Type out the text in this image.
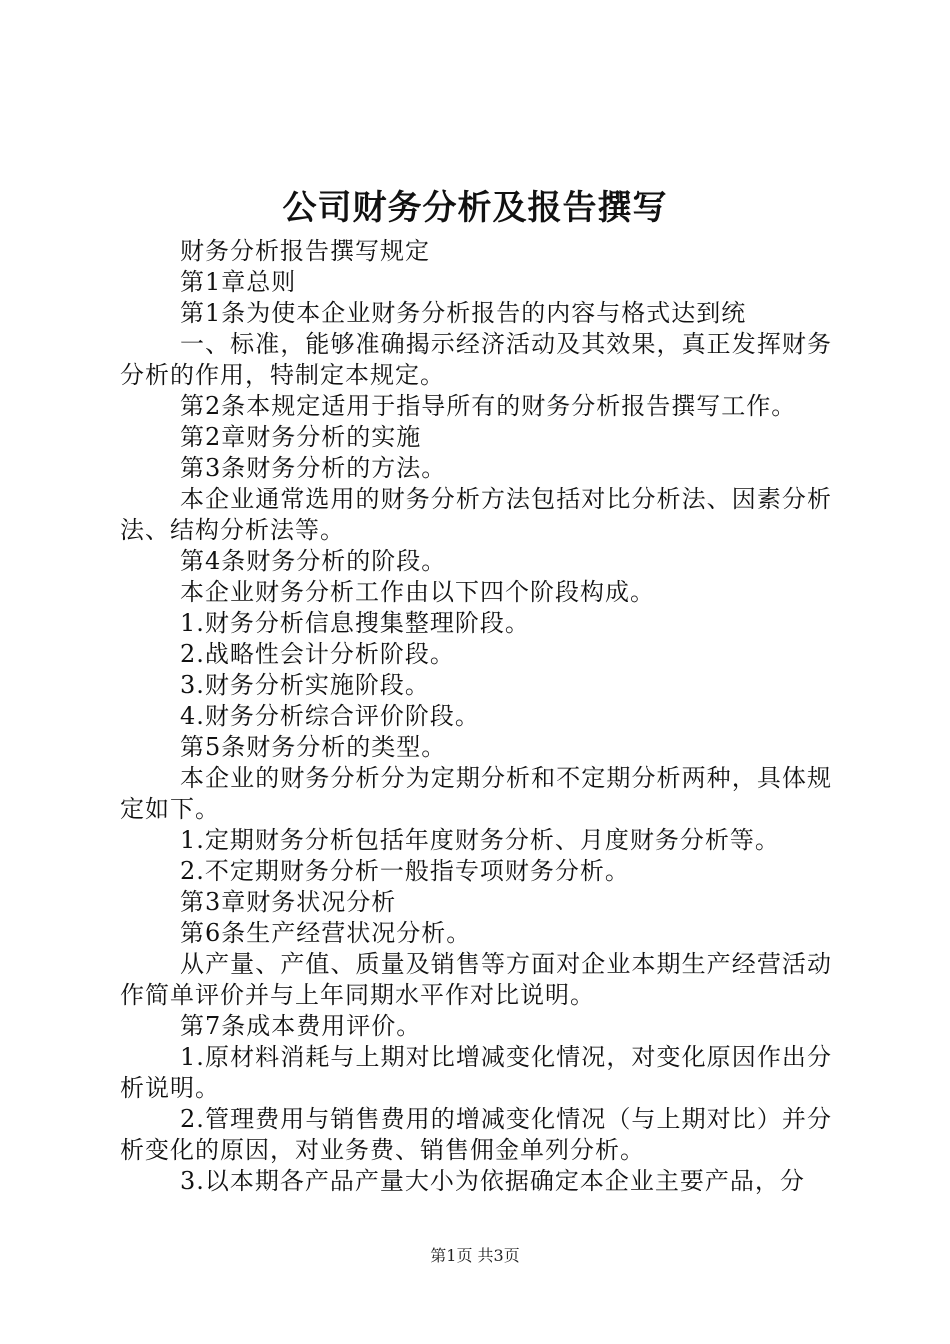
公司财务分析及报告撰写

财务分析报告撰写规定

第1章总则

第1条为使本企业财务分析报告的内容与格式达到统

一、标准，能够准确揭示经济活动及其效果，真正发挥财务分析的作用，特制定本规定。

第2条本规定适用于指导所有的财务分析报告撰写工作。

第2章财务分析的实施

第3条财务分析的方法。

本企业通常选用的财务分析方法包括对比分析法、因素分析法、结构分析法等。

第4条财务分析的阶段。

本企业财务分析工作由以下四个阶段构成。

1.财务分析信息搜集整理阶段。

2.战略性会计分析阶段。

3.财务分析实施阶段。

4.财务分析综合评价阶段。

第5条财务分析的类型。

本企业的财务分析分为定期分析和不定期分析两种，具体规定如下。

1.定期财务分析包括年度财务分析、月度财务分析等。

2.不定期财务分析一般指专项财务分析。

第3章财务状况分析

第6条生产经营状况分析。

从产量、产值、质量及销售等方面对企业本期生产经营活动作简单评价并与上年同期水平作对比说明。

第7条成本费用评价。

1.原材料消耗与上期对比增减变化情况，对变化原因作出分析说明。

2.管理费用与销售费用的增减变化情况（与上期对比）并分析变化的原因，对业务费、销售佣金单列分析。

3.以本期各产品产量大小为依据确定本企业主要产品，分

第1页 共3页
